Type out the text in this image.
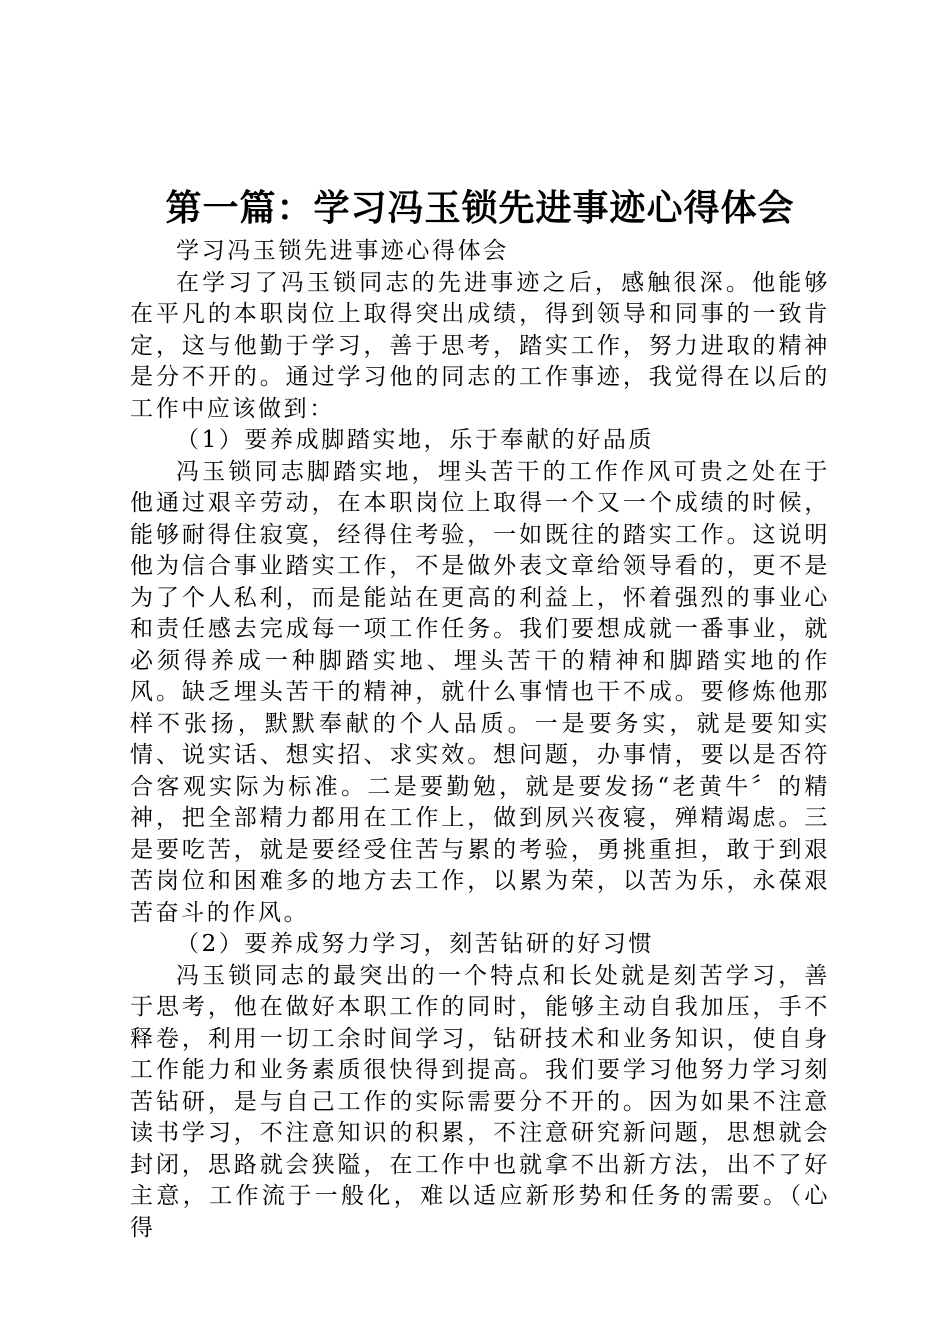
第一篇：学习冯玉锁先进事迹心得体会

学习冯玉锁先进事迹心得体会

在学习了冯玉锁同志的先进事迹之后，感触很深。他能够在平凡的本职岗位上取得突出成绩，得到领导和同事的一致肯定，这与他勤于学习，善于思考，踏实工作，努力进取的精神是分不开的。通过学习他的同志的工作事迹，我觉得在以后的工作中应该做到：

（1）要养成脚踏实地，乐于奉献的好品质

冯玉锁同志脚踏实地，埋头苦干的工作作风可贵之处在于他通过艰辛劳动，在本职岗位上取得一个又一个成绩的时候，能够耐得住寂寞，经得住考验，一如既往的踏实工作。这说明他为信合事业踏实工作，不是做外表文章给领导看的，更不是为了个人私利，而是能站在更高的利益上，怀着强烈的事业心和责任感去完成每一项工作任务。我们要想成就一番事业，就必须得养成一种脚踏实地、埋头苦干的精神和脚踏实地的作风。缺乏埋头苦干的精神，就什么事情也干不成。要修炼他那样不张扬，默默奉献的个人品质。一是要务实，就是要知实情、说实话、想实招、求实效。想问题，办事情，要以是否符合客观实际为标准。二是要勤勉，就是要发扬“老黄牛〞的精神，把全部精力都用在工作上，做到夙兴夜寝，殚精竭虑。三是要吃苦，就是要经受住苦与累的考验，勇挑重担，敢于到艰苦岗位和困难多的地方去工作，以累为荣，以苦为乐，永葆艰苦奋斗的作风。

（2）要养成努力学习，刻苦钻研的好习惯

冯玉锁同志的最突出的一个特点和长处就是刻苦学习，善于思考，他在做好本职工作的同时，能够主动自我加压，手不释卷，利用一切工余时间学习，钻研技术和业务知识，使自身工作能力和业务素质很快得到提高。我们要学习他努力学习刻苦钻研，是与自己工作的实际需要分不开的。因为如果不注意读书学习，不注意知识的积累，不注意研究新问题，思想就会封闭，思路就会狭隘，在工作中也就拿不出新方法，出不了好主意，工作流于一般化，难以适应新形势和任务的需要。（心得
